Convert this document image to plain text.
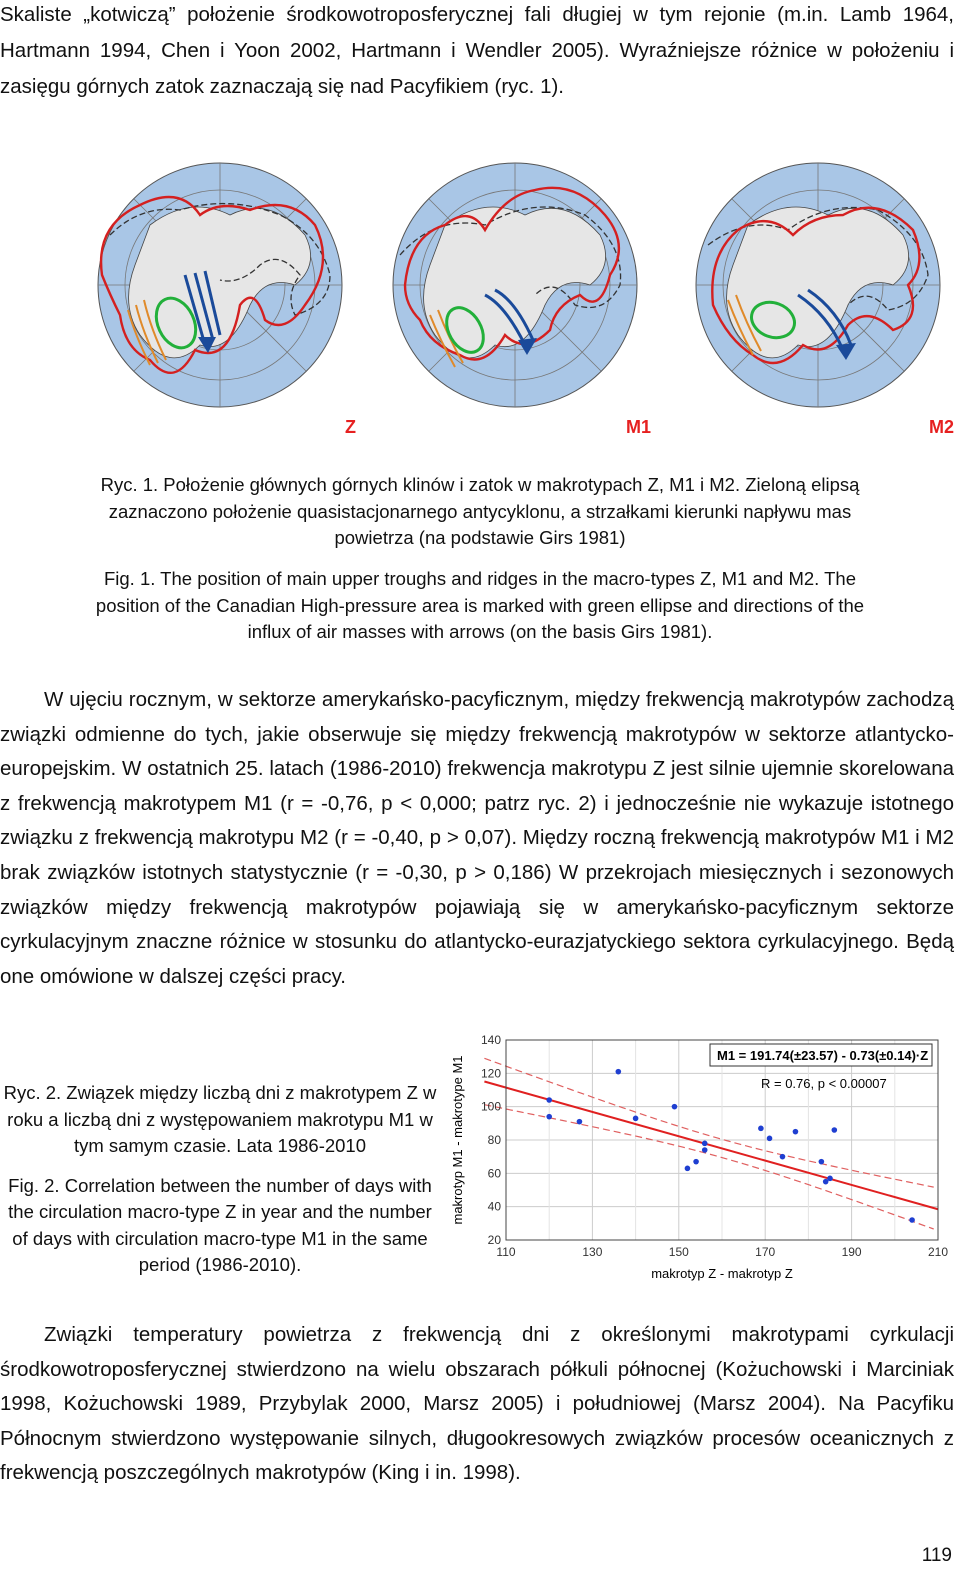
Skaliste „kotwiczą” położenie środkowotroposferycznej fali długiej w tym rejonie (m.in. Lamb 1964, Hartmann 1994, Chen i Yoon 2002, Hartmann i Wendler 2005). Wyraźniejsze różnice w położeniu i zasięgu górnych zatok zaznaczają się nad Pacyfikiem (ryc. 1).

Z	M1	M2

Ryc. 1. Położenie głównych górnych klinów i zatok w makrotypach Z, M1 i M2. Zieloną elipsą zaznaczono położenie quasistacjonarnego antycyklonu, a strzałkami kierunki napływu mas powietrza (na podstawie Girs 1981)

Fig. 1. The position of main upper troughs and ridges in the macro-types Z, M1 and M2. The position of the Canadian High-pressure area is marked with green ellipse and directions of the influx of air masses with arrows (on the basis Girs 1981).

W ujęciu rocznym, w sektorze amerykańsko-pacyficznym, między frekwencją makrotypów zachodzą związki odmienne do tych, jakie obserwuje się między frekwencją makrotypów w sektorze atlantycko-europejskim. W ostatnich 25. latach (1986-2010) frekwencja makrotypu Z jest silnie ujemnie skorelowana z frekwencją makrotypem M1 (r = -0,76, p < 0,000; patrz ryc. 2) i jednocześnie nie wykazuje istotnego związku z frekwencją makrotypu M2 (r = -0,40, p > 0,07). Między roczną frekwencją makrotypów M1 i M2 brak związków istotnych statystycznie (r = -0,30, p > 0,186) W przekrojach miesięcznych i sezonowych związków między frekwencją makrotypów pojawiają się w amerykańsko-pacyficznym sektorze cyrkulacyjnym znaczne różnice w stosunku do atlantycko-eurazjatyckiego sektora cyrkulacyjnego. Będą one omówione w dalszej części pracy.

Ryc. 2. Związek między liczbą dni z makrotypem Z w roku a liczbą dni z występowaniem makrotypu M1 w tym samym czasie. Lata 1986-2010

Fig. 2. Correlation between the number of days with the circulation macro-type Z in year and the number of days with circulation macro-type M1 in the same period (1986-2010).

110	130	150	170	190	210
20
40
60
80
100
120
140
M1 = 191.74(±23.57) - 0.73(±0.14)·Z
R = 0.76, p < 0.00007
makrotyp Z - makrotyp Z
makrotyp M1 - makrotype M1

Związki temperatury powietrza z frekwencją dni z określonymi makrotypami cyrkulacji środkowotroposferycznej stwierdzono na wielu obszarach półkuli północnej (Kożuchowski i Marciniak 1998, Kożuchowski 1989, Przybylak 2000, Marsz 2005) i południowej (Marsz 2004). Na Pacyfiku Północnym stwierdzono występowanie silnych, długookresowych związków procesów oceanicznych z frekwencją poszczególnych makrotypów (King i in. 1998).

119
